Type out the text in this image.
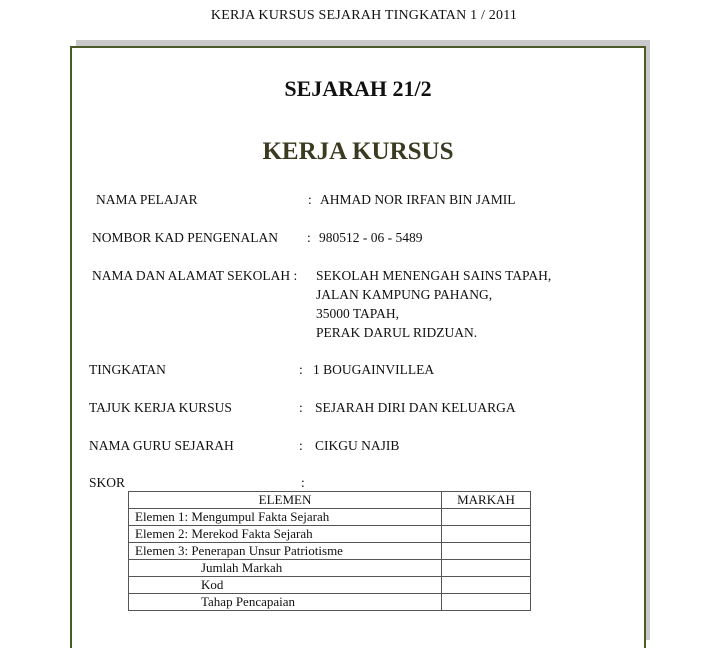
KERJA KURSUS SEJARAH TINGKATAN 1 / 2011
SEJARAH 21/2
KERJA KURSUS
NAMA PELAJAR	: AHMAD NOR IRFAN BIN JAMIL
NOMBOR KAD PENGENALAN : 980512 - 06 - 5489
NAMA DAN ALAMAT SEKOLAH : SEKOLAH MENENGAH SAINS TAPAH,
JALAN KAMPUNG PAHANG,
35000 TAPAH,
PERAK DARUL RIDZUAN.
TINGKATAN	: 1 BOUGAINVILLEA
TAJUK KERJA KURSUS	: SEJARAH DIRI DAN KELUARGA
NAMA GURU SEJARAH	: CIKGU NAJIB
SKOR	:
ELEMEN	MARKAH
Elemen 1: Mengumpul Fakta Sejarah	
Elemen 2: Merekod Fakta Sejarah	
Elemen 3: Penerapan Unsur Patriotisme	
Jumlah Markah	
Kod	
Tahap Pencapaian	
